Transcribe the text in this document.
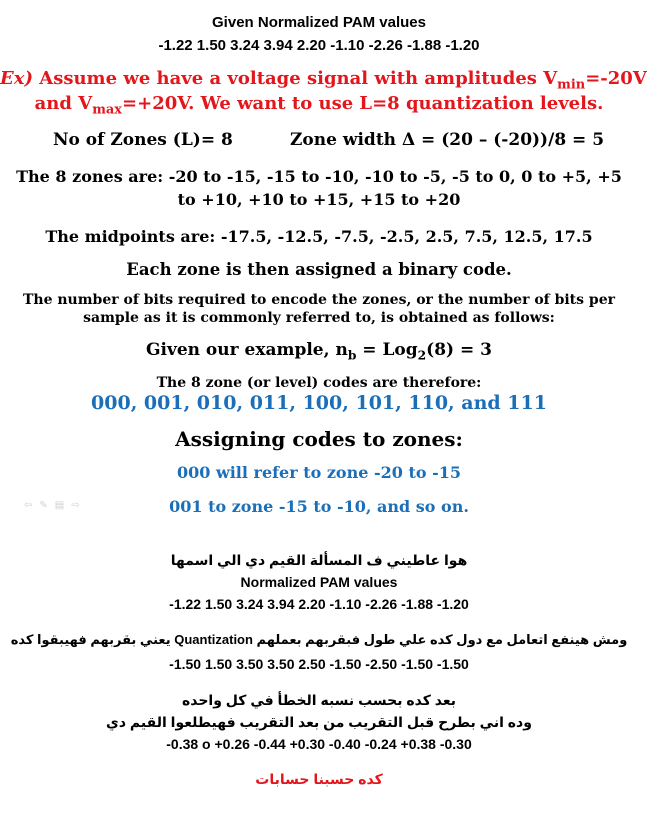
Given Normalized PAM values
-1.22 1.50 3.24 3.94 2.20 -1.10 -2.26 -1.88 -1.20
Ex) Assume we have a voltage signal with amplitudes $V_{min}=-20V$
and $V_{max}=+20V$. We want to use L=8 quantization levels.
No of Zones (L)= 8	Zone width Δ = (20 – (-20))/8 = 5
The 8 zones are: -20 to -15, -15 to -10, -10 to -5, -5 to 0, 0 to +5, +5
to +10, +10 to +15, +15 to +20
The midpoints are: -17.5, -12.5, -7.5, -2.5, 2.5, 7.5, 12.5, 17.5
Each zone is then assigned a binary code.
The number of bits required to encode the zones, or the number of bits per
sample as it is commonly referred to, is obtained as follows:
Given our example, $n_b = Log_2(8) = 3$
The 8 zone (or level) codes are therefore:
000, 001, 010, 011, 100, 101, 110, and 111
Assigning codes to zones:
000 will refer to zone -20 to -15
001 to zone -15 to -10, and so on.
⇦ ✎ ▤ ⇨
هوا عاطيني ف المسألة القيم دي الي اسمها
Normalized PAM values
-1.22 1.50 3.24 3.94 2.20 -1.10 -2.26 -1.88 -1.20
ومش هينفع اتعامل مع دول كده علي طول فبقربهم بعملهم Quantization يعني بقربهم فهيبقوا كده
-1.50 1.50 3.50 3.50 2.50 -1.50 -2.50 -1.50 -1.50
بعد كده بحسب نسبه الخطأ في كل واحده
وده اني بطرح قبل التقريب من بعد التقريب فهيطلعوا القيم دي
-0.38 o +0.26 -0.44 +0.30 -0.40 -0.24 +0.38 -0.30
كده حسبنا حسابات
